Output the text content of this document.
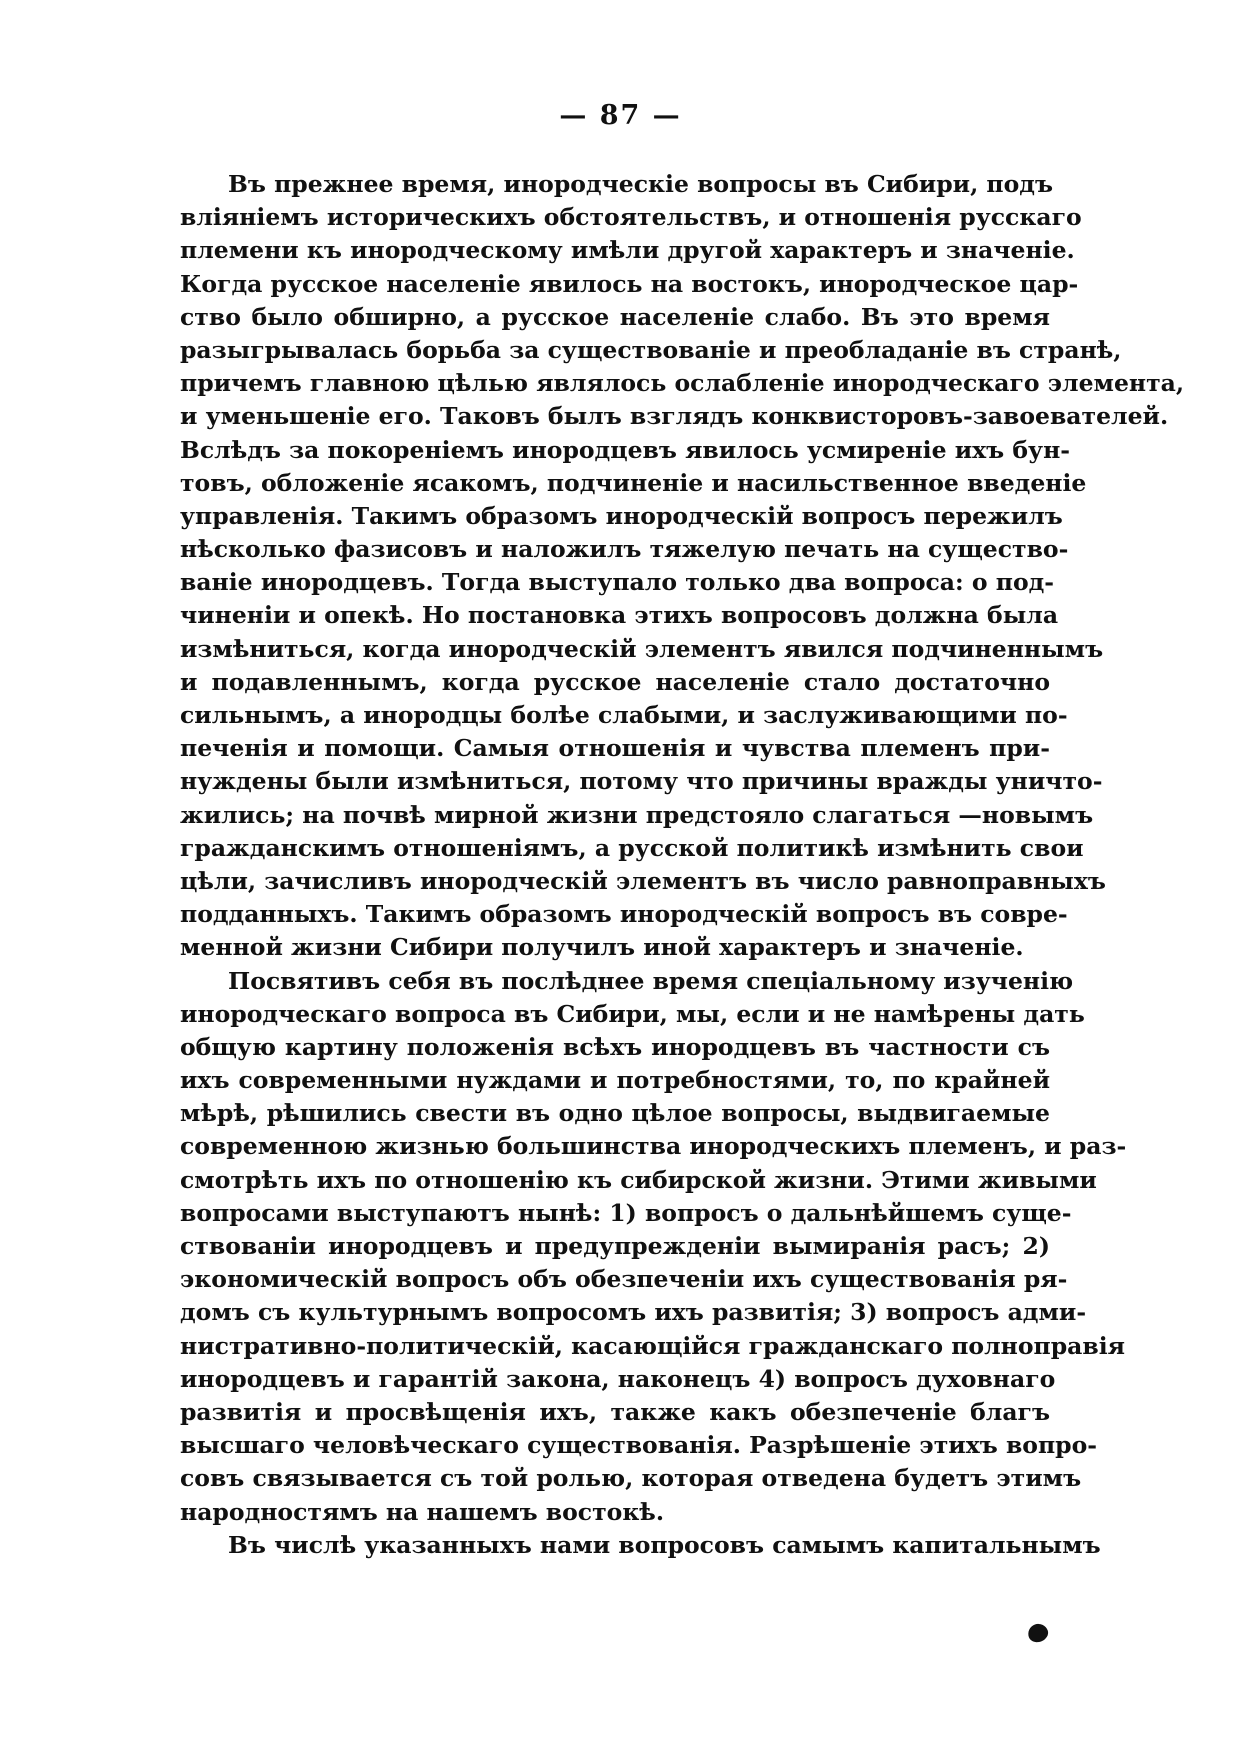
— 87 —
Въ прежнее время, инородческіе вопросы въ Сибири, подъ
вліяніемъ историческихъ обстоятельствъ, и отношенія русскаго
племени къ инородческому имѣли другой характеръ и значеніе.
Когда русское населеніе явилось на востокъ, инородческое цар-
ство было обширно, а русское населеніе слабо. Въ это время
разыгрывалась борьба за существованіе и преобладаніе въ странѣ,
причемъ главною цѣлью являлось ослабленіе инородческаго элемента,
и уменьшеніе его. Таковъ былъ взглядъ конквисторовъ-завоевателей.
Вслѣдъ за покореніемъ инородцевъ явилось усмиреніе ихъ бун-
товъ, обложеніе ясакомъ, подчиненіе и насильственное введеніе
управленія. Такимъ образомъ инородческій вопросъ пережилъ
нѣсколько фазисовъ и наложилъ тяжелую печать на существо-
ваніе инородцевъ. Тогда выступало только два вопроса: о под-
чиненіи и опекѣ. Но постановка этихъ вопросовъ должна была
измѣниться, когда инородческій элементъ явился подчиненнымъ
и подавленнымъ, когда русское населеніе стало достаточно
сильнымъ, а инородцы болѣе слабыми, и заслуживающими по-
печенія и помощи. Самыя отношенія и чувства племенъ при-
нуждены были измѣниться, потому что причины вражды уничто-
жились; на почвѣ мирной жизни предстояло слагаться —новымъ
гражданскимъ отношеніямъ, а русской политикѣ измѣнить свои
цѣли, зачисливъ инородческій элементъ въ число равноправныхъ
подданныхъ. Такимъ образомъ инородческій вопросъ въ совре-
менной жизни Сибири получилъ иной характеръ и значеніе.
Посвятивъ себя въ послѣднее время спеціальному изученію
инородческаго вопроса въ Сибири, мы, если и не намѣрены дать
общую картину положенія всѣхъ инородцевъ въ частности съ
ихъ современными нуждами и потребностями, то, по крайней
мѣрѣ, рѣшились свести въ одно цѣлое вопросы, выдвигаемые
современною жизнью большинства инородческихъ племенъ, и раз-
смотрѣть ихъ по отношенію къ сибирской жизни. Этими живыми
вопросами выступаютъ нынѣ: 1) вопросъ о дальнѣйшемъ суще-
ствованіи инородцевъ и предупрежденіи вымиранія расъ; 2)
экономическій вопросъ объ обезпеченіи ихъ существованія ря-
домъ съ культурнымъ вопросомъ ихъ развитія; 3) вопросъ адми-
нистративно-политическій, касающійся гражданскаго полноправія
инородцевъ и гарантій закона, наконецъ 4) вопросъ духовнаго
развитія и просвѣщенія ихъ, также какъ обезпеченіе благъ
высшаго человѣческаго существованія. Разрѣшеніе этихъ вопро-
совъ связывается съ той ролью, которая отведена будетъ этимъ
народностямъ на нашемъ востокѣ.
Въ числѣ указанныхъ нами вопросовъ самымъ капитальнымъ
